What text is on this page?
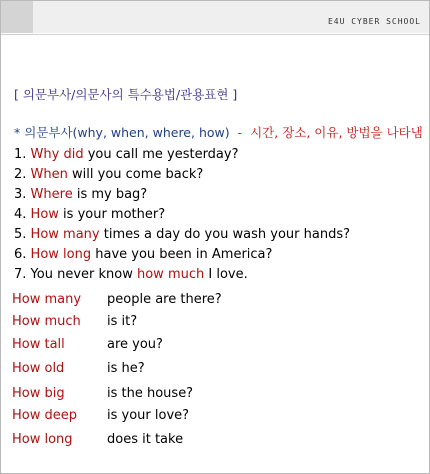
E4U CYBER SCHOOL
[ 의문부사/의문사의 특수용법/관용표현 ]
* 의문부사(why, when, where, how) - 시간, 장소, 이유, 방법을 나타냄
1. Why did you call me yesterday?
2. When will you come back?
3. Where is my bag?
4. How is your mother?
5. How many times a day do you wash your hands?
6. How long have you been in America?
7. You never know how much I love.
How many people are there?
How much is it?
How tall	are you?
How old	is he?
How big	is the house?
How deep is your love?
How long	does it take
